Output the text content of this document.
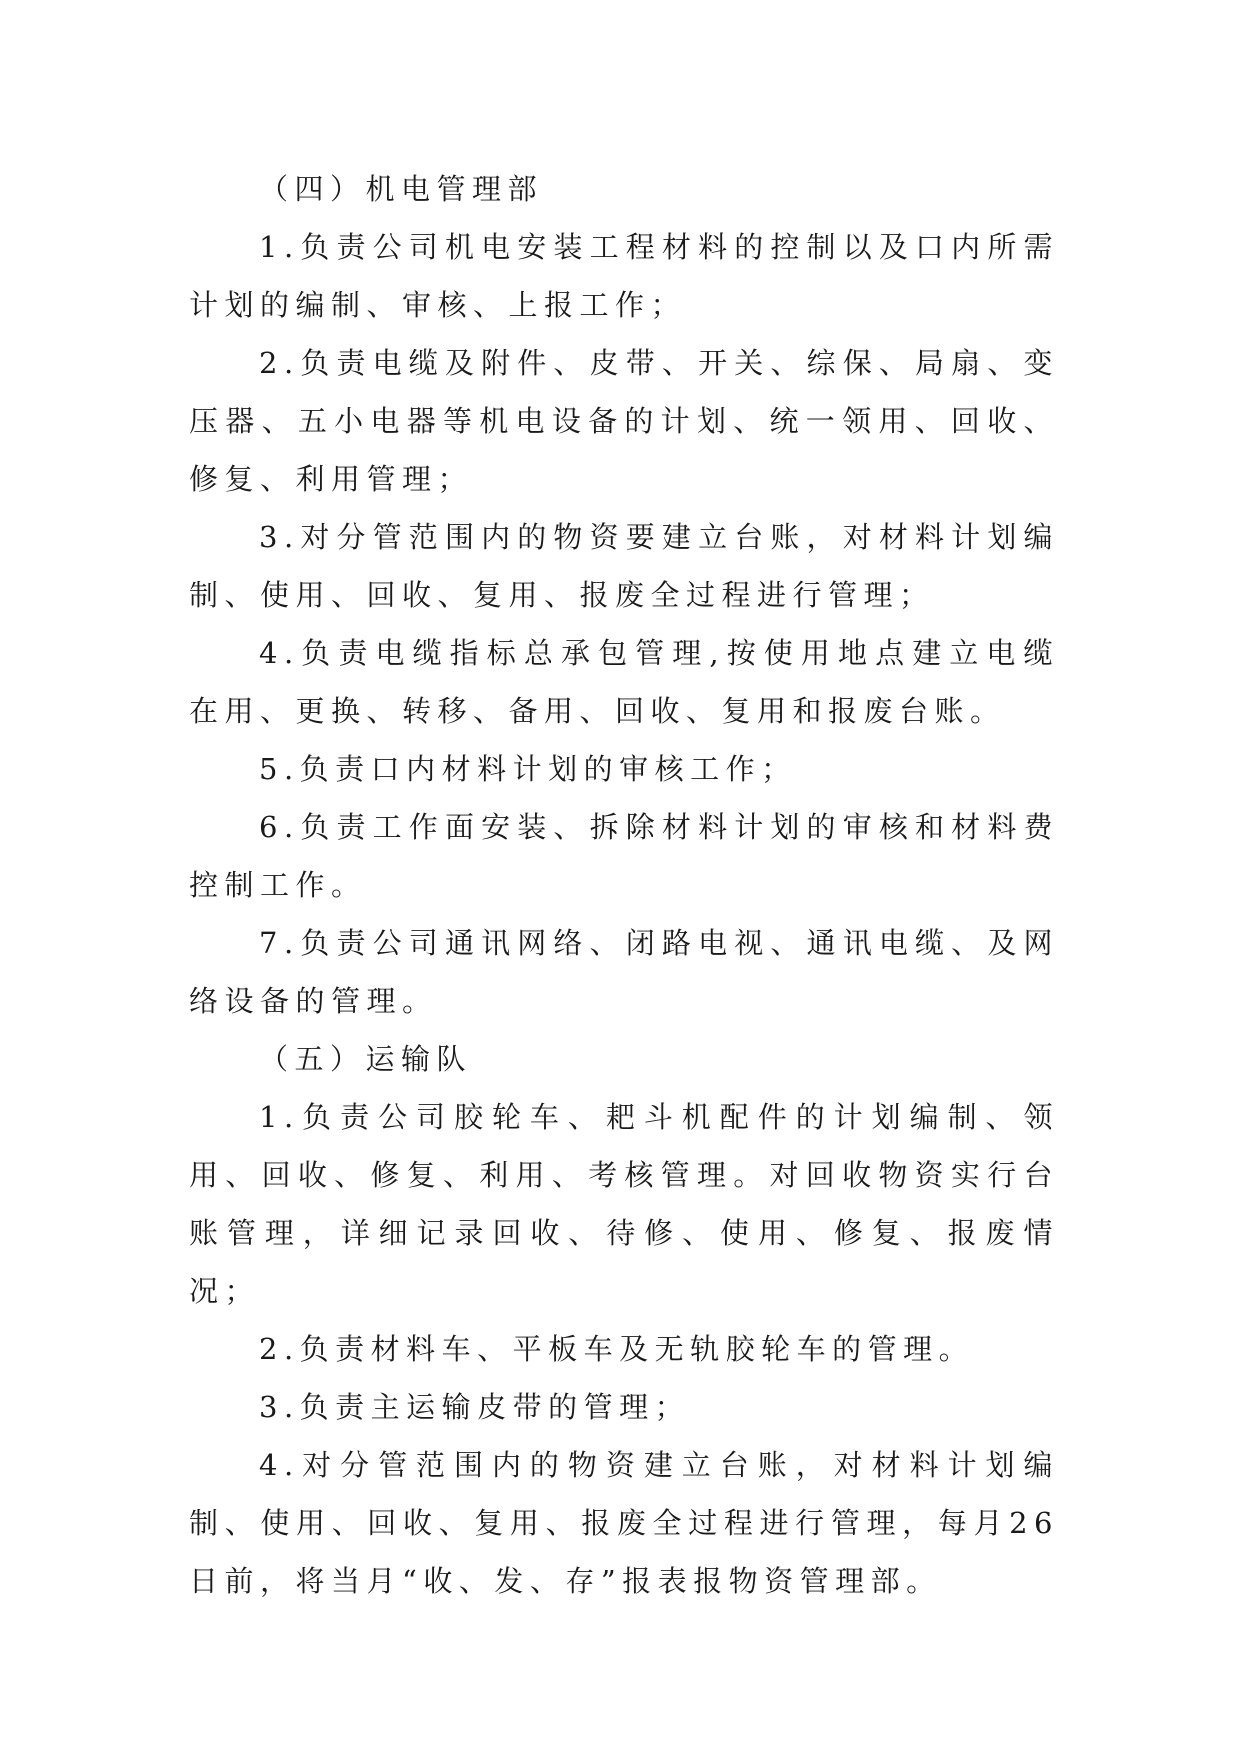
（四）机电管理部

1.负责公司机电安装工程材料的控制以及口内所需计划的编制、审核、上报工作；

2.负责电缆及附件、皮带、开关、综保、局扇、变压器、五小电器等机电设备的计划、统一领用、回收、修复、利用管理；

3.对分管范围内的物资要建立台账，对材料计划编制、使用、回收、复用、报废全过程进行管理；

4.负责电缆指标总承包管理,按使用地点建立电缆在用、更换、转移、备用、回收、复用和报废台账。

5.负责口内材料计划的审核工作；

6.负责工作面安装、拆除材料计划的审核和材料费控制工作。

7.负责公司通讯网络、闭路电视、通讯电缆、及网络设备的管理。

（五）运输队

1.负责公司胶轮车、耙斗机配件的计划编制、领用、回收、修复、利用、考核管理。对回收物资实行台账管理，详细记录回收、待修、使用、修复、报废情况；

2.负责材料车、平板车及无轨胶轮车的管理。

3.负责主运输皮带的管理；

4.对分管范围内的物资建立台账，对材料计划编制、使用、回收、复用、报废全过程进行管理，每月26日前，将当月“收、发、存”报表报物资管理部。
